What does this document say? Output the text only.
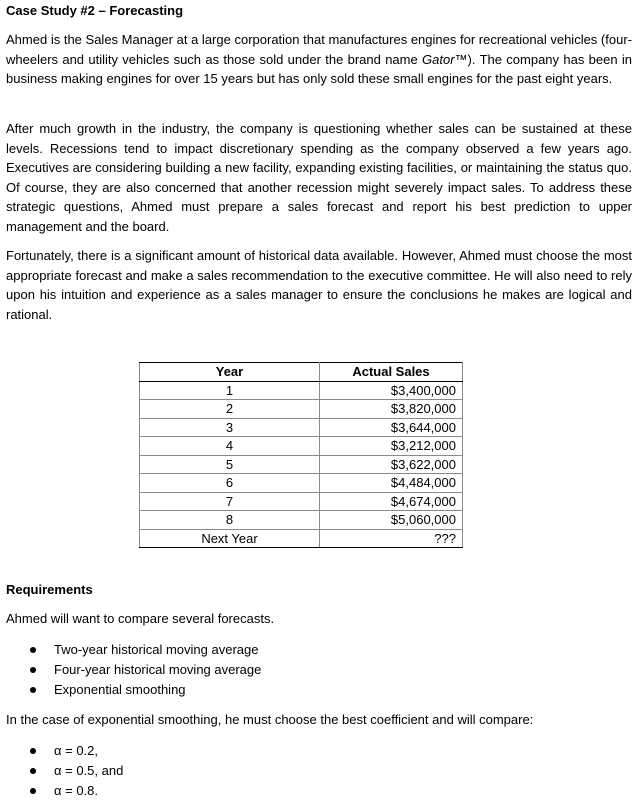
Case Study #2 – Forecasting

Ahmed is the Sales Manager at a large corporation that manufactures engines for recreational vehicles (four-wheelers and utility vehicles such as those sold under the brand name Gator™). The company has been in business making engines for over 15 years but has only sold these small engines for the past eight years.

After much growth in the industry, the company is questioning whether sales can be sustained at these levels. Recessions tend to impact discretionary spending as the company observed a few years ago. Executives are considering building a new facility, expanding existing facilities, or maintaining the status quo. Of course, they are also concerned that another recession might severely impact sales. To address these strategic questions, Ahmed must prepare a sales forecast and report his best prediction to upper management and the board.

Fortunately, there is a significant amount of historical data available. However, Ahmed must choose the most appropriate forecast and make a sales recommendation to the executive committee. He will also need to rely upon his intuition and experience as a sales manager to ensure the conclusions he makes are logical and rational.

Year	Actual Sales
1	$3,400,000
2	$3,820,000
3	$3,644,000
4	$3,212,000
5	$3,622,000
6	$4,484,000
7	$4,674,000
8	$5,060,000
Next Year	???
Requirements
Ahmed will want to compare several forecasts.
Two-year historical moving average
Four-year historical moving average
Exponential smoothing
In the case of exponential smoothing, he must choose the best coefficient and will compare:
α = 0.2,
α = 0.5, and
α = 0.8.
